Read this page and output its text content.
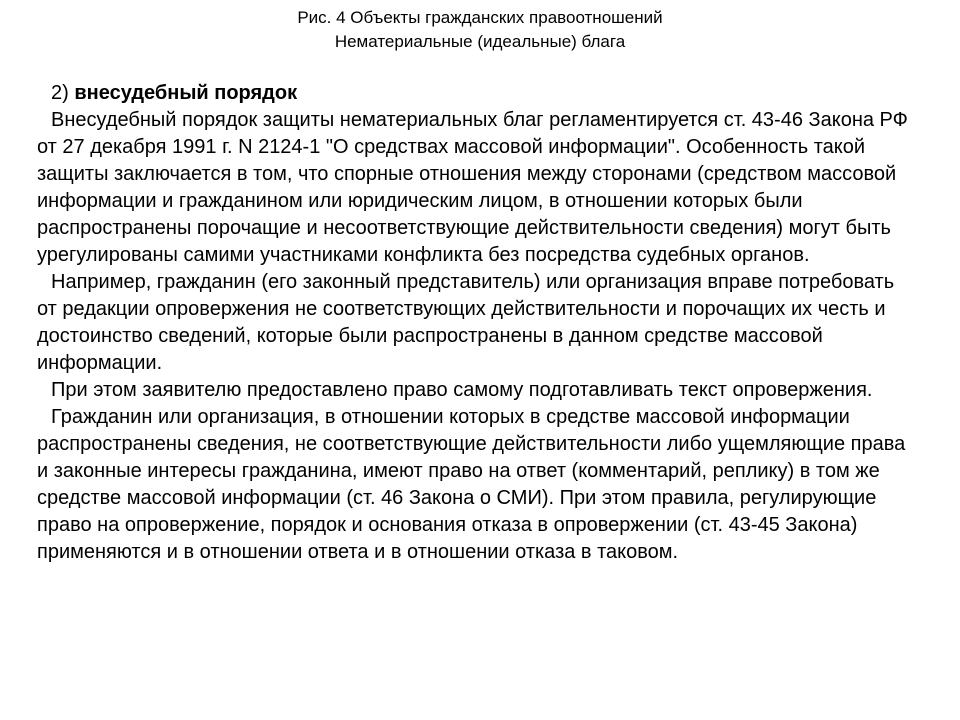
Рис. 4 Объекты гражданских правоотношений
Нематериальные (идеальные) блага

2) внесудебный порядок

Внесудебный порядок защиты нематериальных благ регламентируется ст. 43-46 Закона РФ от 27 декабря 1991 г. N 2124-1 "О средствах массовой информации". Особенность такой защиты заключается в том, что спорные отношения между сторонами (средством массовой информации и гражданином или юридическим лицом, в отношении которых были распространены порочащие и несоответствующие действительности сведения) могут быть урегулированы самими участниками конфликта без посредства судебных органов.

Например, гражданин (его законный представитель) или организация вправе потребовать от редакции опровержения не соответствующих действительности и порочащих их честь и достоинство сведений, которые были распространены в данном средстве массовой информации.

При этом заявителю предоставлено право самому подготавливать текст опровержения.

Гражданин или организация, в отношении которых в средстве массовой информации распространены сведения, не соответствующие действительности либо ущемляющие права и законные интересы гражданина, имеют право на ответ (комментарий, реплику) в том же средстве массовой информации (ст. 46 Закона о СМИ). При этом правила, регулирующие право на опровержение, порядок и основания отказа в опровержении (ст. 43-45 Закона) применяются и в отношении ответа и в отношении отказа в таковом.
